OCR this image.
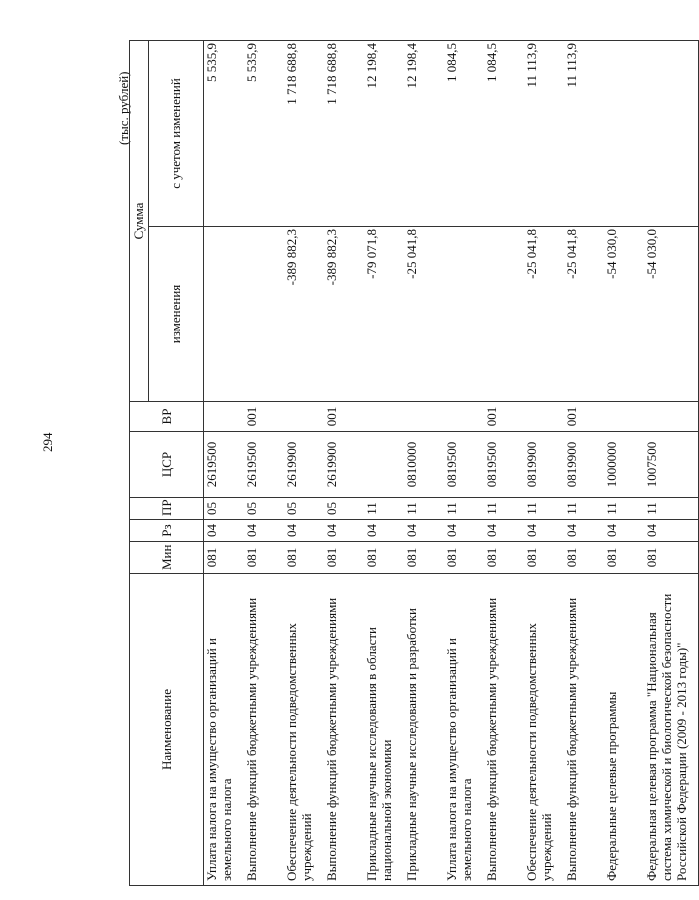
294
(тыс. рублей)
Наименование	Мин	Рз	ПР	ЦСР	ВР	Сумма	
						изменения	с учетом изменений
Уплата налога на имущество организаций и земельного налога	081	04	05	2619500			5 535,9
Выполнение функций бюджетными учреждениями	081	04	05	2619500	001		5 535,9
Обеспечение деятельности подведомственных учреждений	081	04	05	2619900		-389 882,3	1 718 688,8
Выполнение функций бюджетными учреждениями	081	04	05	2619900	001	-389 882,3	1 718 688,8
Прикладные научные исследования в области национальной экономики	081	04	11			-79 071,8	12 198,4
Прикладные научные исследования и разработки	081	04	11	0810000		-25 041,8	12 198,4
Уплата налога на имущество организаций и земельного налога	081	04	11	0819500			1 084,5
Выполнение функций бюджетными учреждениями	081	04	11	0819500	001		1 084,5
Обеспечение деятельности подведомственных учреждений	081	04	11	0819900		-25 041,8	11 113,9
Выполнение функций бюджетными учреждениями	081	04	11	0819900	001	-25 041,8	11 113,9
Федеральные целевые программы	081	04	11	1000000		-54 030,0	
Федеральная целевая программа "Национальная система химической и биологической безопасности Российской Федерации (2009 - 2013 годы)"	081	04	11	1007500		-54 030,0	
